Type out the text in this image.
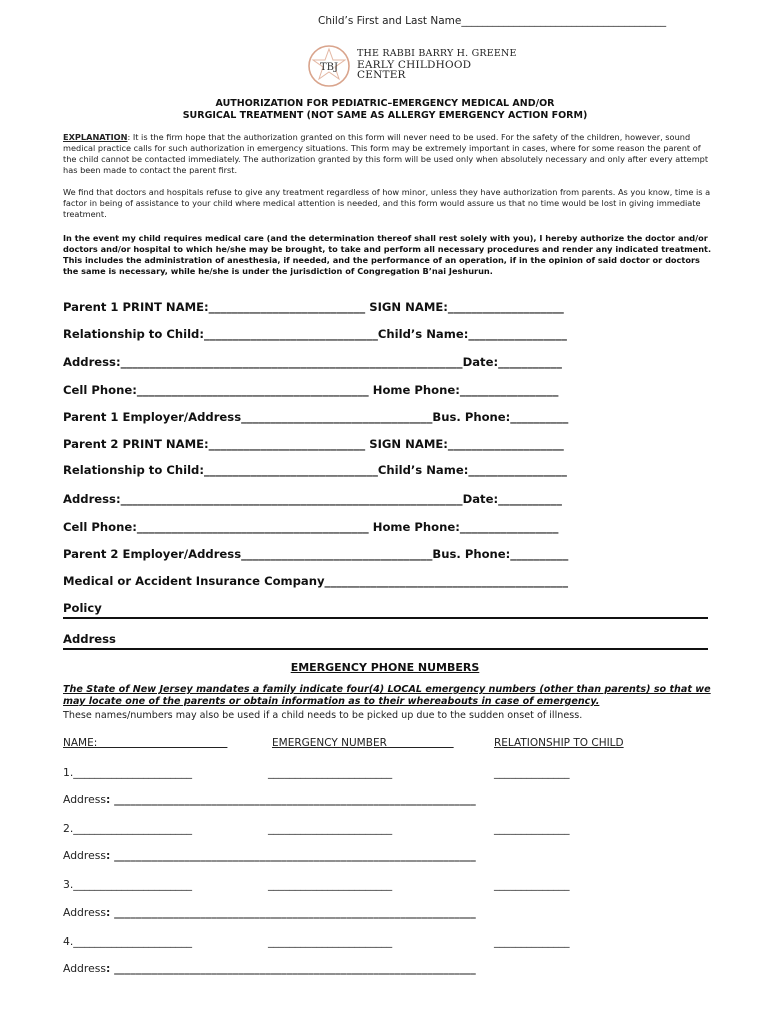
Child’s First and Last Name_______________________________________
TBJ
THE RABBI BARRY H. GREENE
EARLY CHILDHOOD
CENTER
AUTHORIZATION FOR PEDIATRIC–EMERGENCY MEDICAL AND/OR
SURGICAL TREATMENT (NOT SAME AS ALLERGY EMERGENCY ACTION FORM)
EXPLANATION: It is the firm hope that the authorization granted on this form will never need to be used. For the safety of the children, however, sound medical practice calls for such authorization in emergency situations. This form may be extremely important in cases, where for some reason the parent of the child cannot be contacted immediately. The authorization granted by this form will be used only when absolutely necessary and only after every attempt has been made to contact the parent first.
We find that doctors and hospitals refuse to give any treatment regardless of how minor, unless they have authorization from parents. As you know, time is a factor in being of assistance to your child where medical attention is needed, and this form would assure us that no time would be lost in giving immediate treatment.
In the event my child requires medical care (and the determination thereof shall rest solely with you), I hereby authorize the doctor and/or doctors and/or hospital to which he/she may be brought, to take and perform all necessary procedures and render any indicated treatment. This includes the administration of anesthesia, if needed, and the performance of an operation, if in the opinion of said doctor or doctors the same is necessary, while he/she is under the jurisdiction of Congregation B’nai Jeshurun.
Parent 1 PRINT NAME:___________________________ SIGN NAME:____________________
Relationship to Child:______________________________Child’s Name:_________________
Address:___________________________________________________________Date:___________
Cell Phone:________________________________________ Home Phone:_________________
Parent 1 Employer/Address_________________________________Bus. Phone:__________
Parent 2 PRINT NAME:___________________________ SIGN NAME:____________________
Relationship to Child:______________________________Child’s Name:_________________
Address:___________________________________________________________Date:___________
Cell Phone:________________________________________ Home Phone:_________________
Parent 2 Employer/Address_________________________________Bus. Phone:__________
Medical or Accident Insurance Company__________________________________________
Policy
Address
EMERGENCY PHONE NUMBERS
The State of New Jersey mandates a family indicate four(4) LOCAL emergency numbers (other than parents) so that we may locate one of the parents or obtain information as to their whereabouts in case of emergency.
These names/numbers may also be used if a child needs to be picked up due to the sudden onset of illness.
NAME:	EMERGENCY NUMBER	RELATIONSHIP TO CHILD
1.______________________	_______________________	______________
Address: ___________________________________________________________________
2.______________________	_______________________	______________
Address: ___________________________________________________________________
3.______________________	_______________________	______________
Address: ___________________________________________________________________
4.______________________	_______________________	______________
Address: ___________________________________________________________________
